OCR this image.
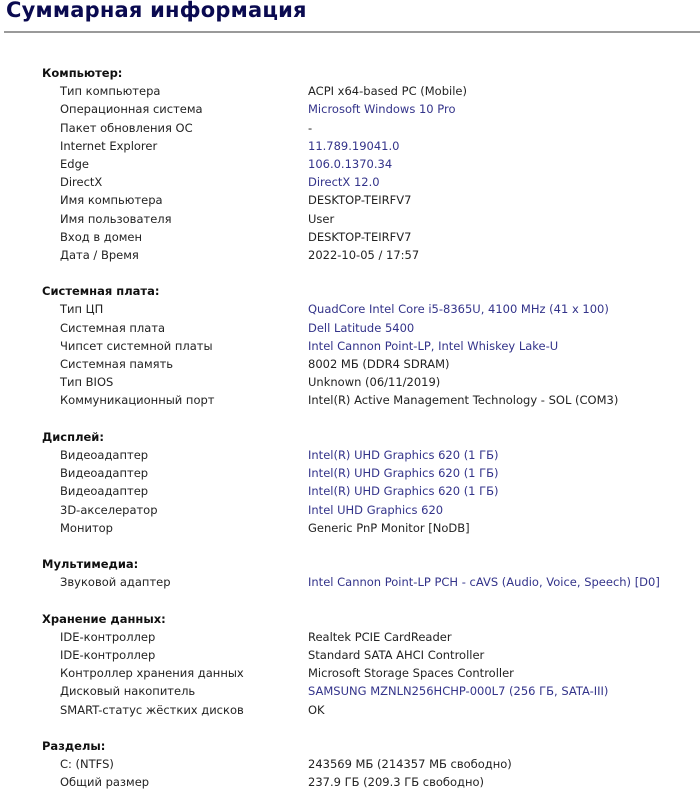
Суммарная информация
Компьютер:
Тип компьютера	ACPI x64-based PC (Mobile)
Операционная система	Microsoft Windows 10 Pro
Пакет обновления ОС	-
Internet Explorer	11.789.19041.0
Edge	106.0.1370.34
DirectX	DirectX 12.0
Имя компьютера	DESKTOP-TEIRFV7
Имя пользователя	User
Вход в домен	DESKTOP-TEIRFV7
Дата / Время	2022-10-05 / 17:57
Системная плата:
Тип ЦП	QuadCore Intel Core i5-8365U, 4100 MHz (41 x 100)
Системная плата	Dell Latitude 5400
Чипсет системной платы	Intel Cannon Point-LP, Intel Whiskey Lake-U
Системная память	8002 МБ (DDR4 SDRAM)
Тип BIOS	Unknown (06/11/2019)
Коммуникационный порт	Intel(R) Active Management Technology - SOL (COM3)
Дисплей:
Видеоадаптер	Intel(R) UHD Graphics 620 (1 ГБ)
Видеоадаптер	Intel(R) UHD Graphics 620 (1 ГБ)
Видеоадаптер	Intel(R) UHD Graphics 620 (1 ГБ)
3D-акселератор	Intel UHD Graphics 620
Монитор	Generic PnP Monitor [NoDB]
Мультимедиа:
Звуковой адаптер	Intel Cannon Point-LP PCH - cAVS (Audio, Voice, Speech) [D0]
Хранение данных:
IDE-контроллер	Realtek PCIE CardReader
IDE-контроллер	Standard SATA AHCI Controller
Контроллер хранения данных	Microsoft Storage Spaces Controller
Дисковый накопитель	SAMSUNG MZNLN256HCHP-000L7 (256 ГБ, SATA-III)
SMART-статус жёстких дисков	OK
Разделы:
C: (NTFS)	243569 МБ (214357 МБ свободно)
Общий размер	237.9 ГБ (209.3 ГБ свободно)
